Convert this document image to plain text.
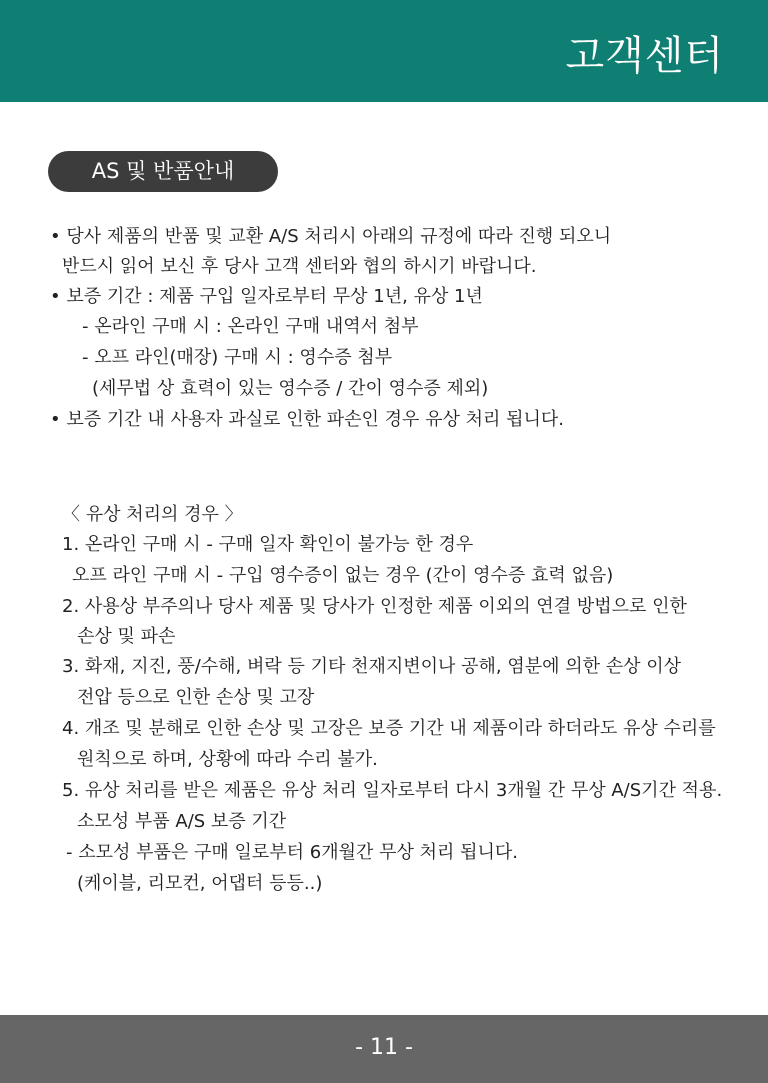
고객센터
AS 및 반품안내
• 당사 제품의 반품 및 교환 A/S 처리시 아래의 규정에 따라 진행 되오니
반드시 읽어 보신 후 당사 고객 센터와 협의 하시기 바랍니다.
• 보증 기간 : 제품 구입 일자로부터 무상 1년, 유상 1년
- 온라인 구매 시 : 온라인 구매 내역서 첨부
- 오프 라인(매장) 구매 시 : 영수증 첨부
(세무법 상 효력이 있는 영수증 / 간이 영수증 제외)
• 보증 기간 내 사용자 과실로 인한 파손인 경우 유상 처리 됩니다.
〈 유상 처리의 경우 〉
1. 온라인 구매 시 - 구매 일자 확인이 불가능 한 경우
오프 라인 구매 시 - 구입 영수증이 없는 경우 (간이 영수증 효력 없음)
2. 사용상 부주의나 당사 제품 및 당사가 인정한 제품 이외의 연결 방법으로 인한
손상 및 파손
3. 화재, 지진, 풍/수해, 벼락 등 기타 천재지변이나 공해, 염분에 의한 손상 이상
전압 등으로 인한 손상 및 고장
4. 개조 및 분해로 인한 손상 및 고장은 보증 기간 내 제품이라 하더라도 유상 수리를
원칙으로 하며, 상황에 따라 수리 불가.
5. 유상 처리를 받은 제품은 유상 처리 일자로부터 다시 3개월 간 무상 A/S기간 적용.
소모성 부품 A/S 보증 기간
- 소모성 부품은 구매 일로부터 6개월간 무상 처리 됩니다.
(케이블, 리모컨, 어댑터 등등..)
- 11 -
